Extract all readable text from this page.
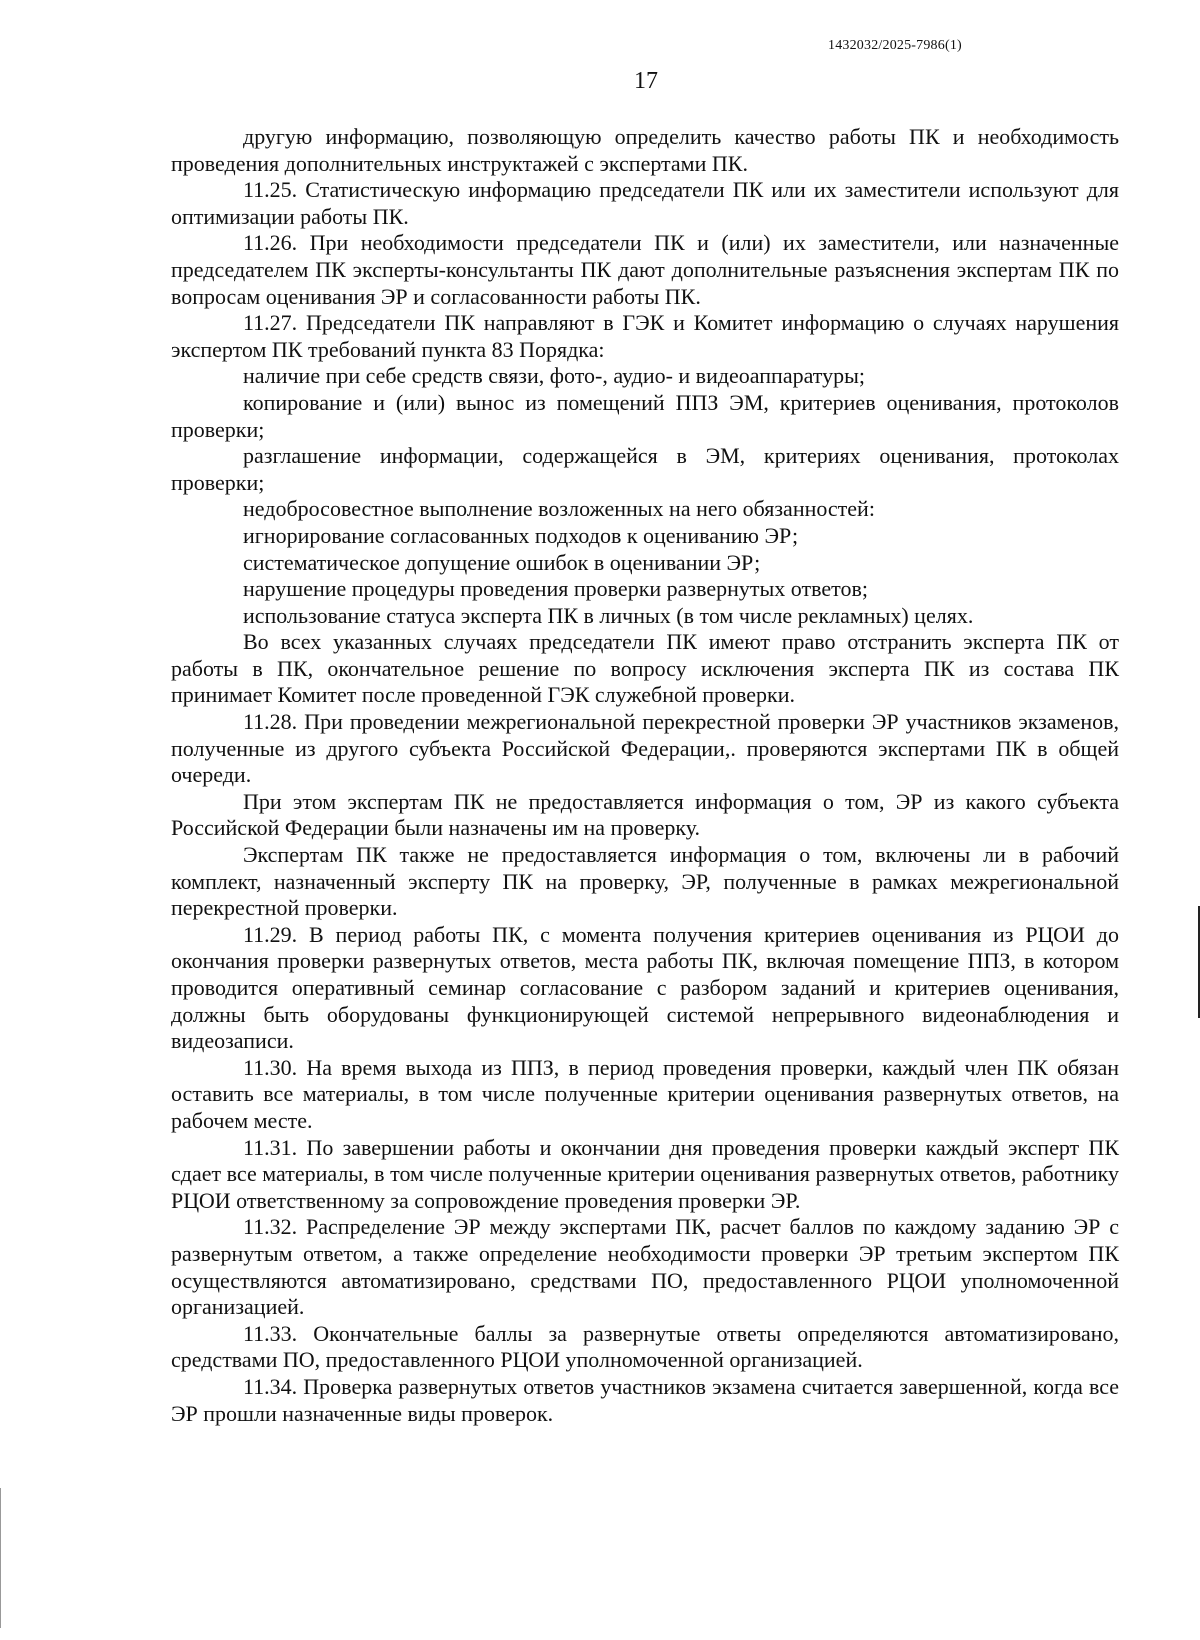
1432032/2025-7986(1)
17

другую информацию, позволяющую определить качество работы ПК и необходимость проведения дополнительных инструктажей с экспертами ПК.

11.25. Статистическую информацию председатели ПК или их заместители используют для оптимизации работы ПК.

11.26. При необходимости председатели ПК и (или) их заместители, или назначенные председателем ПК эксперты-консультанты ПК дают дополнительные разъяснения экспертам ПК по вопросам оценивания ЭР и согласованности работы ПК.

11.27. Председатели ПК направляют в ГЭК и Комитет информацию о случаях нарушения экспертом ПК требований пункта 83 Порядка:

наличие при себе средств связи, фото-, аудио- и видеоаппаратуры;

копирование и (или) вынос из помещений ППЗ ЭМ, критериев оценивания, протоколов проверки;

разглашение информации, содержащейся в ЭМ, критериях оценивания, протоколах проверки;

недобросовестное выполнение возложенных на него обязанностей:

игнорирование согласованных подходов к оцениванию ЭР;

систематическое допущение ошибок в оценивании ЭР;

нарушение процедуры проведения проверки развернутых ответов;

использование статуса эксперта ПК в личных (в том числе рекламных) целях.

Во всех указанных случаях председатели ПК имеют право отстранить эксперта ПК от работы в ПК, окончательное решение по вопросу исключения эксперта ПК из состава ПК принимает Комитет после проведенной ГЭК служебной проверки.

11.28. При проведении межрегиональной перекрестной проверки ЭР участников экзаменов, полученные из другого субъекта Российской Федерации,. проверяются экспертами ПК в общей очереди.

При этом экспертам ПК не предоставляется информация о том, ЭР из какого субъекта Российской Федерации были назначены им на проверку.

Экспертам ПК также не предоставляется информация о том, включены ли в рабочий комплект, назначенный эксперту ПК на проверку, ЭР, полученные в рамках межрегиональной перекрестной проверки.

11.29. В период работы ПК, с момента получения критериев оценивания из РЦОИ до окончания проверки развернутых ответов, места работы ПК, включая помещение ППЗ, в котором проводится оперативный семинар согласование с разбором заданий и критериев оценивания, должны быть оборудованы функционирующей системой непрерывного видеонаблюдения и видеозаписи.

11.30. На время выхода из ППЗ, в период проведения проверки, каждый член ПК обязан оставить все материалы, в том числе полученные критерии оценивания развернутых ответов, на рабочем месте.

11.31. По завершении работы и окончании дня проведения проверки каждый эксперт ПК сдает все материалы, в том числе полученные критерии оценивания развернутых ответов, работнику РЦОИ ответственному за сопровождение проведения проверки ЭР.

11.32. Распределение ЭР между экспертами ПК, расчет баллов по каждому заданию ЭР с развернутым ответом, а также определение необходимости проверки ЭР третьим экспертом ПК осуществляются автоматизировано, средствами ПО, предоставленного РЦОИ уполномоченной организацией.

11.33. Окончательные баллы за развернутые ответы определяются автоматизировано, средствами ПО, предоставленного РЦОИ уполномоченной организацией.

11.34. Проверка развернутых ответов участников экзамена считается завершенной, когда все ЭР прошли назначенные виды проверок.
